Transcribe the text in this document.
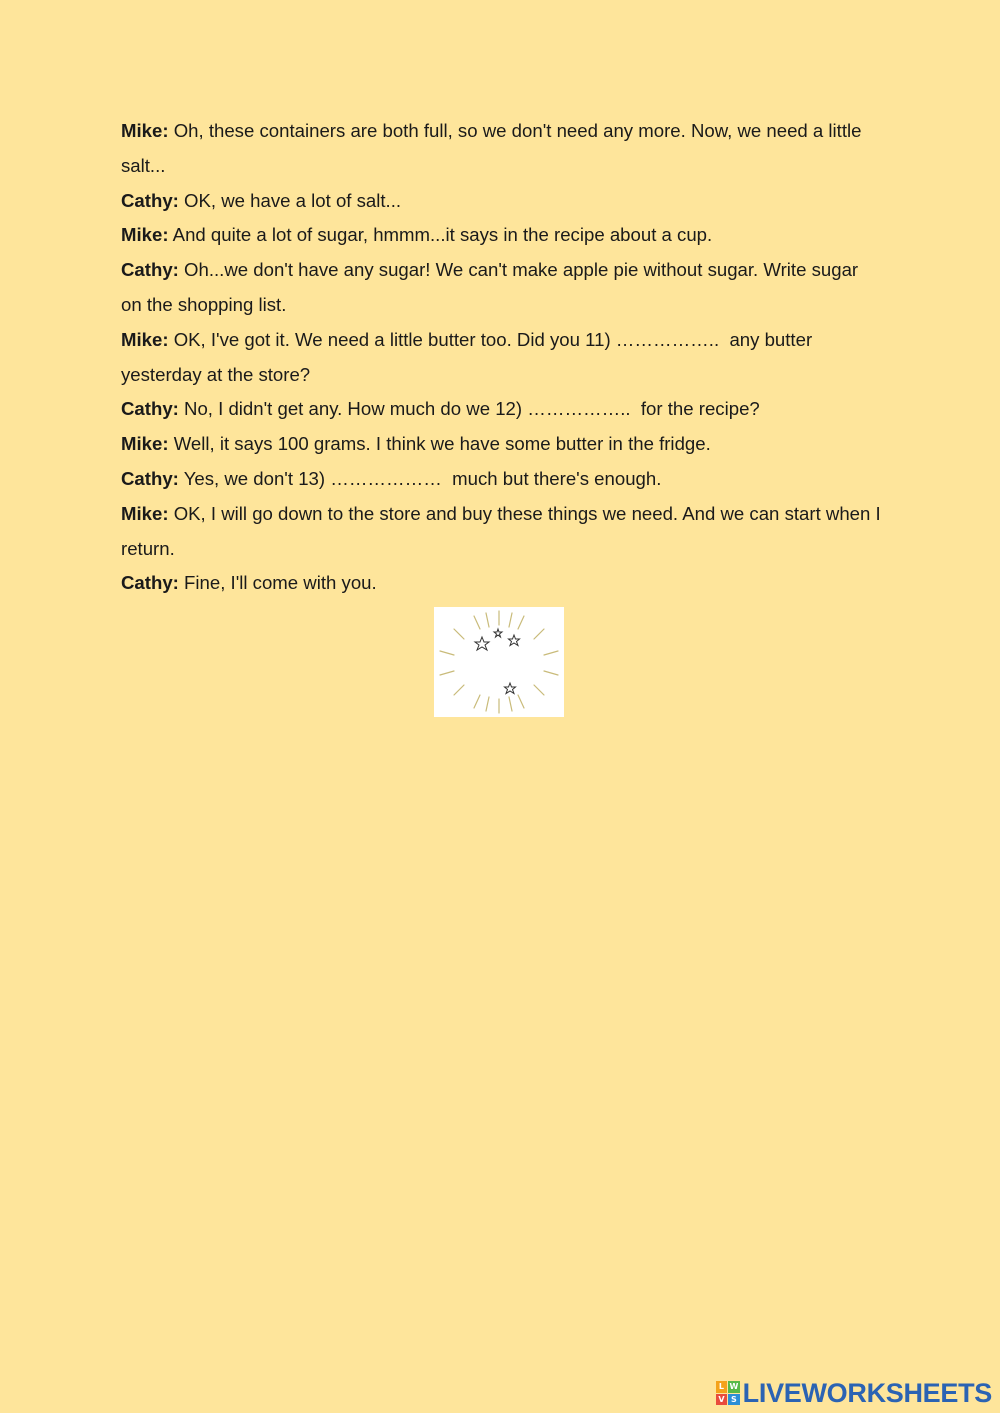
Mike: Oh, these containers are both full, so we don't need any more. Now, we need a little salt...

Cathy: OK, we have a lot of salt...

Mike: And quite a lot of sugar, hmmm...it says in the recipe about a cup.

Cathy: Oh...we don't have any sugar! We can't make apple pie without sugar. Write sugar on the shopping list.

Mike: OK, I've got it. We need a little butter too. Did you 11) ……………..  any butter yesterday at the store?

Cathy: No, I didn't get any. How much do we 12) ……………..  for the recipe?

Mike: Well, it says 100 grams. I think we have some butter in the fridge.

Cathy: Yes, we don't 13) ………………  much but there's enough.

Mike: OK, I will go down to the store and buy these things we need. And we can start when I return.

Cathy: Fine, I'll come with you.

L W
V S LIVEWORKSHEETS
